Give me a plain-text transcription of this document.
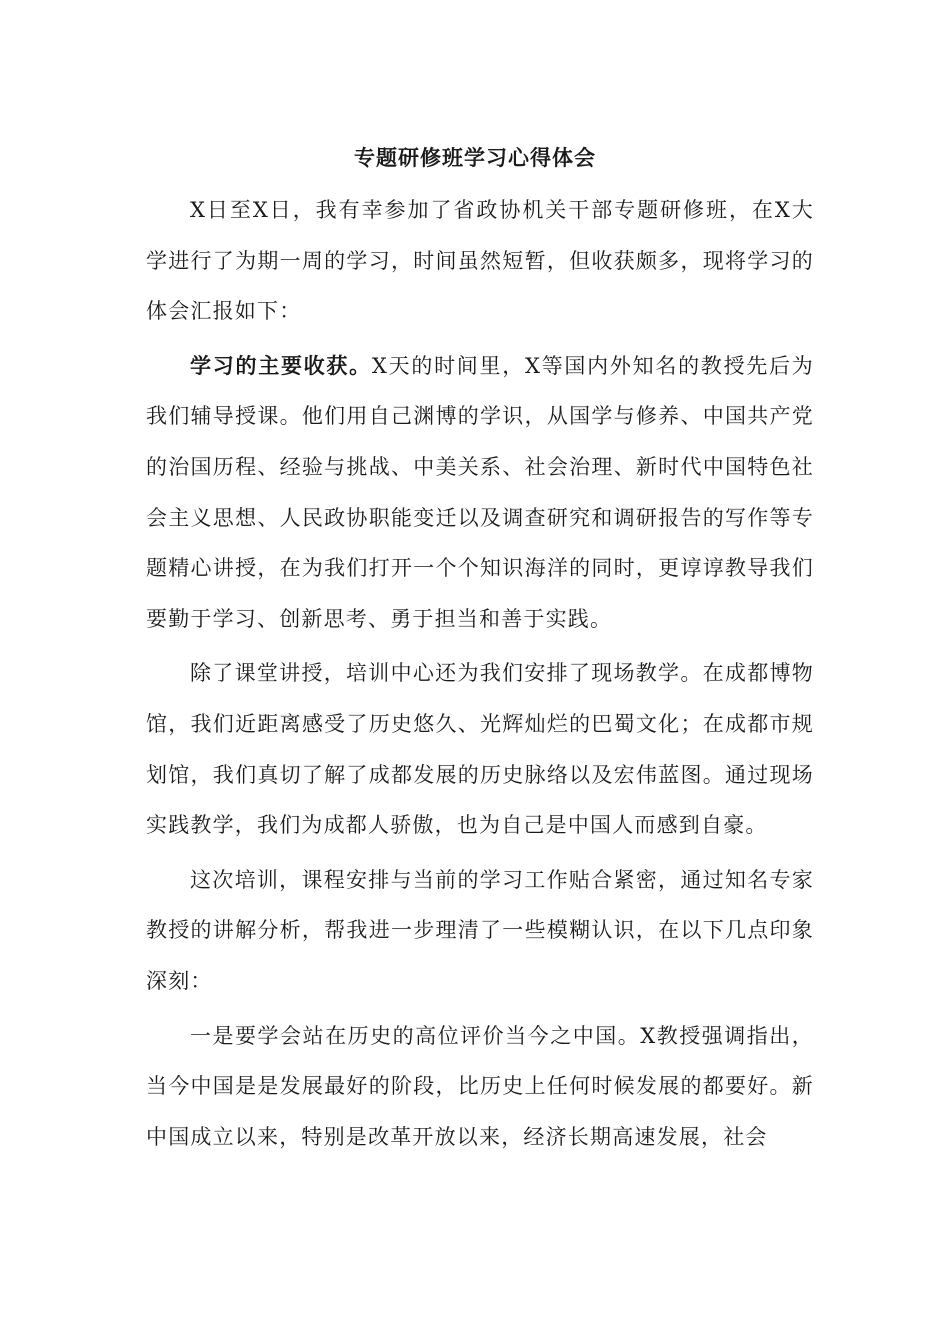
专题研修班学习心得体会

X日至X日，我有幸参加了省政协机关干部专题研修班，在X大学进行了为期一周的学习，时间虽然短暂，但收获颇多，现将学习的体会汇报如下：

学习的主要收获。X天的时间里，X等国内外知名的教授先后为我们辅导授课。他们用自己渊博的学识，从国学与修养、中国共产党的治国历程、经验与挑战、中美关系、社会治理、新时代中国特色社会主义思想、人民政协职能变迁以及调查研究和调研报告的写作等专题精心讲授，在为我们打开一个个知识海洋的同时，更谆谆教导我们要勤于学习、创新思考、勇于担当和善于实践。

除了课堂讲授，培训中心还为我们安排了现场教学。在成都博物馆，我们近距离感受了历史悠久、光辉灿烂的巴蜀文化；在成都市规划馆，我们真切了解了成都发展的历史脉络以及宏伟蓝图。通过现场实践教学，我们为成都人骄傲，也为自己是中国人而感到自豪。

这次培训，课程安排与当前的学习工作贴合紧密，通过知名专家教授的讲解分析，帮我进一步理清了一些模糊认识，在以下几点印象深刻：

一是要学会站在历史的高位评价当今之中国。X教授强调指出，当今中国是是发展最好的阶段，比历史上任何时候发展的都要好。新中国成立以来，特别是改革开放以来，经济长期高速发展，社会
